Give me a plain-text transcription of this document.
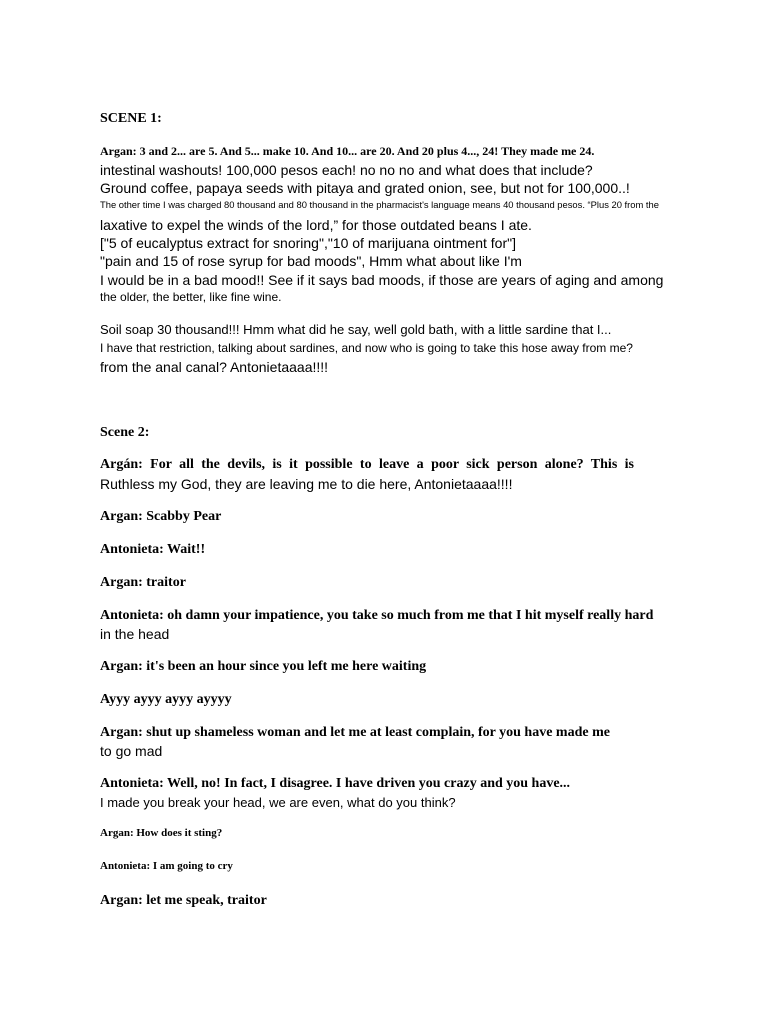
SCENE 1:

Argan: 3 and 2... are 5. And 5... make 10. And 10... are 20. And 20 plus 4..., 24! They made me 24.

intestinal washouts! 100,000 pesos each! no no no and what does that include?

Ground coffee, papaya seeds with pitaya and grated onion, see, but not for 100,000..!

The other time I was charged 80 thousand and 80 thousand in the pharmacist's language means 40 thousand pesos. “Plus 20 from the

laxative to expel the winds of the lord,” for those outdated beans I ate.

["5 of eucalyptus extract for snoring","10 of marijuana ointment for"]

"pain and 15 of rose syrup for bad moods", Hmm what about like I'm

I would be in a bad mood!! See if it says bad moods, if those are years of aging and among

the older, the better, like fine wine.

Soil soap 30 thousand!!! Hmm what did he say, well gold bath, with a little sardine that I...

I have that restriction, talking about sardines, and now who is going to take this hose away from me?

from the anal canal? Antonietaaaa!!!!

Scene 2:

Argán: For all the devils, is it possible to leave a poor sick person alone? This is

Ruthless my God, they are leaving me to die here, Antonietaaaa!!!!

Argan: Scabby Pear

Antonieta: Wait!!

Argan: traitor

Antonieta: oh damn your impatience, you take so much from me that I hit myself really hard

in the head

Argan: it's been an hour since you left me here waiting

Ayyy ayyy ayyy ayyyy

Argan: shut up shameless woman and let me at least complain, for you have made me

to go mad

Antonieta: Well, no! In fact, I disagree. I have driven you crazy and you have...

I made you break your head, we are even, what do you think?

Argan: How does it sting?

Antonieta: I am going to cry

Argan: let me speak, traitor
